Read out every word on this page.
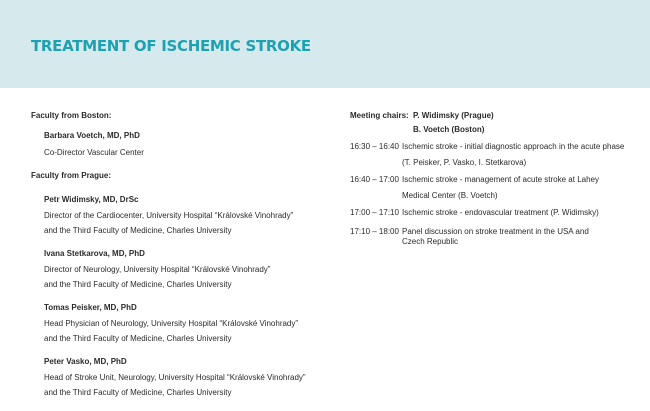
TREATMENT OF ISCHEMIC STROKE
Faculty from Boston:
Barbara Voetch, MD, PhD
Co-Director Vascular Center
Faculty from Prague:
Petr Widimsky, MD, DrSc
Director of the Cardiocenter, University Hospital “Královské Vinohrady”
and the Third Faculty of Medicine, Charles University
Ivana Stetkarova, MD, PhD
Director of Neurology, University Hospital “Královské Vinohrady”
and the Third Faculty of Medicine, Charles University
Tomas Peisker, MD, PhD
Head Physician of Neurology, University Hospital “Královské Vinohrady”
and the Third Faculty of Medicine, Charles University
Peter Vasko, MD, PhD
Head of Stroke Unit, Neurology, University Hospital “Královské Vinohrady”
and the Third Faculty of Medicine, Charles University
Meeting chairs: P. Widimsky (Prague)
B. Voetch (Boston)
16:30 – 16:40 Ischemic stroke - initial diagnostic approach in the acute phase
(T. Peisker, P. Vasko, I. Stetkarova)
16:40 – 17:00 Ischemic stroke - management of acute stroke at Lahey
Medical Center (B. Voetch)
17:00 – 17:10 Ischemic stroke - endovascular treatment (P. Widimsky)
17:10 – 18:00 Panel discussion on stroke treatment in the USA and Czech Republic
